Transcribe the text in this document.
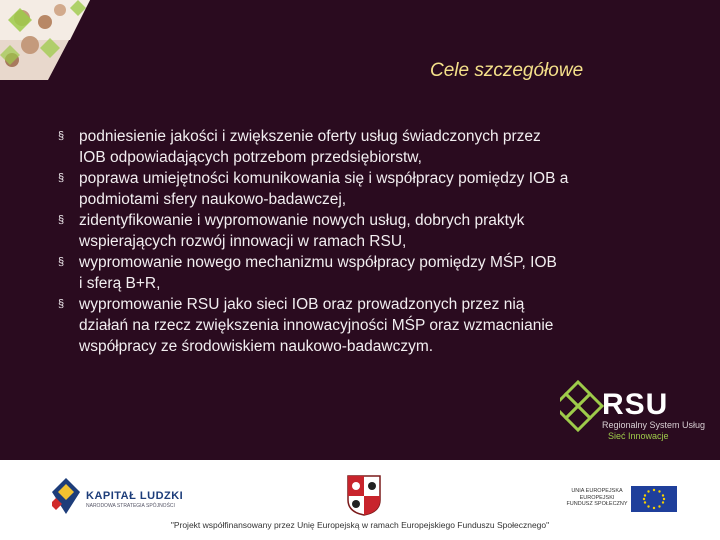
Cele szczegółowe
§ podniesienie jakości i zwiększenie oferty usług świadczonych przez
IOB odpowiadających potrzebom przedsiębiorstw,
§ poprawa umiejętności komunikowania się i współpracy pomiędzy IOB a
podmiotami sfery naukowo-badawczej,
§ zidentyfikowanie i wypromowanie nowych usług, dobrych praktyk
wspierających rozwój innowacji w ramach RSU,
§ wypromowanie nowego mechanizmu współpracy pomiędzy MŚP, IOB
i sferą B+R,
§ wypromowanie RSU jako sieci IOB oraz prowadzonych przez nią
działań na rzecz zwiększenia innowacyjności MŚP oraz wzmacnianie
współpracy ze środowiskiem naukowo-badawczym.
RSU
Regionalny System Usług
Sieć Innowacje
KAPITAŁ LUDZKI
NARODOWA STRATEGIA SPÓJNOŚCI
UNIA EUROPEJSKA EUROPEJSKI FUNDUSZ SPOŁECZNY
"Projekt współfinansowany przez Unię Europejską w ramach Europejskiego Funduszu Społecznego"
